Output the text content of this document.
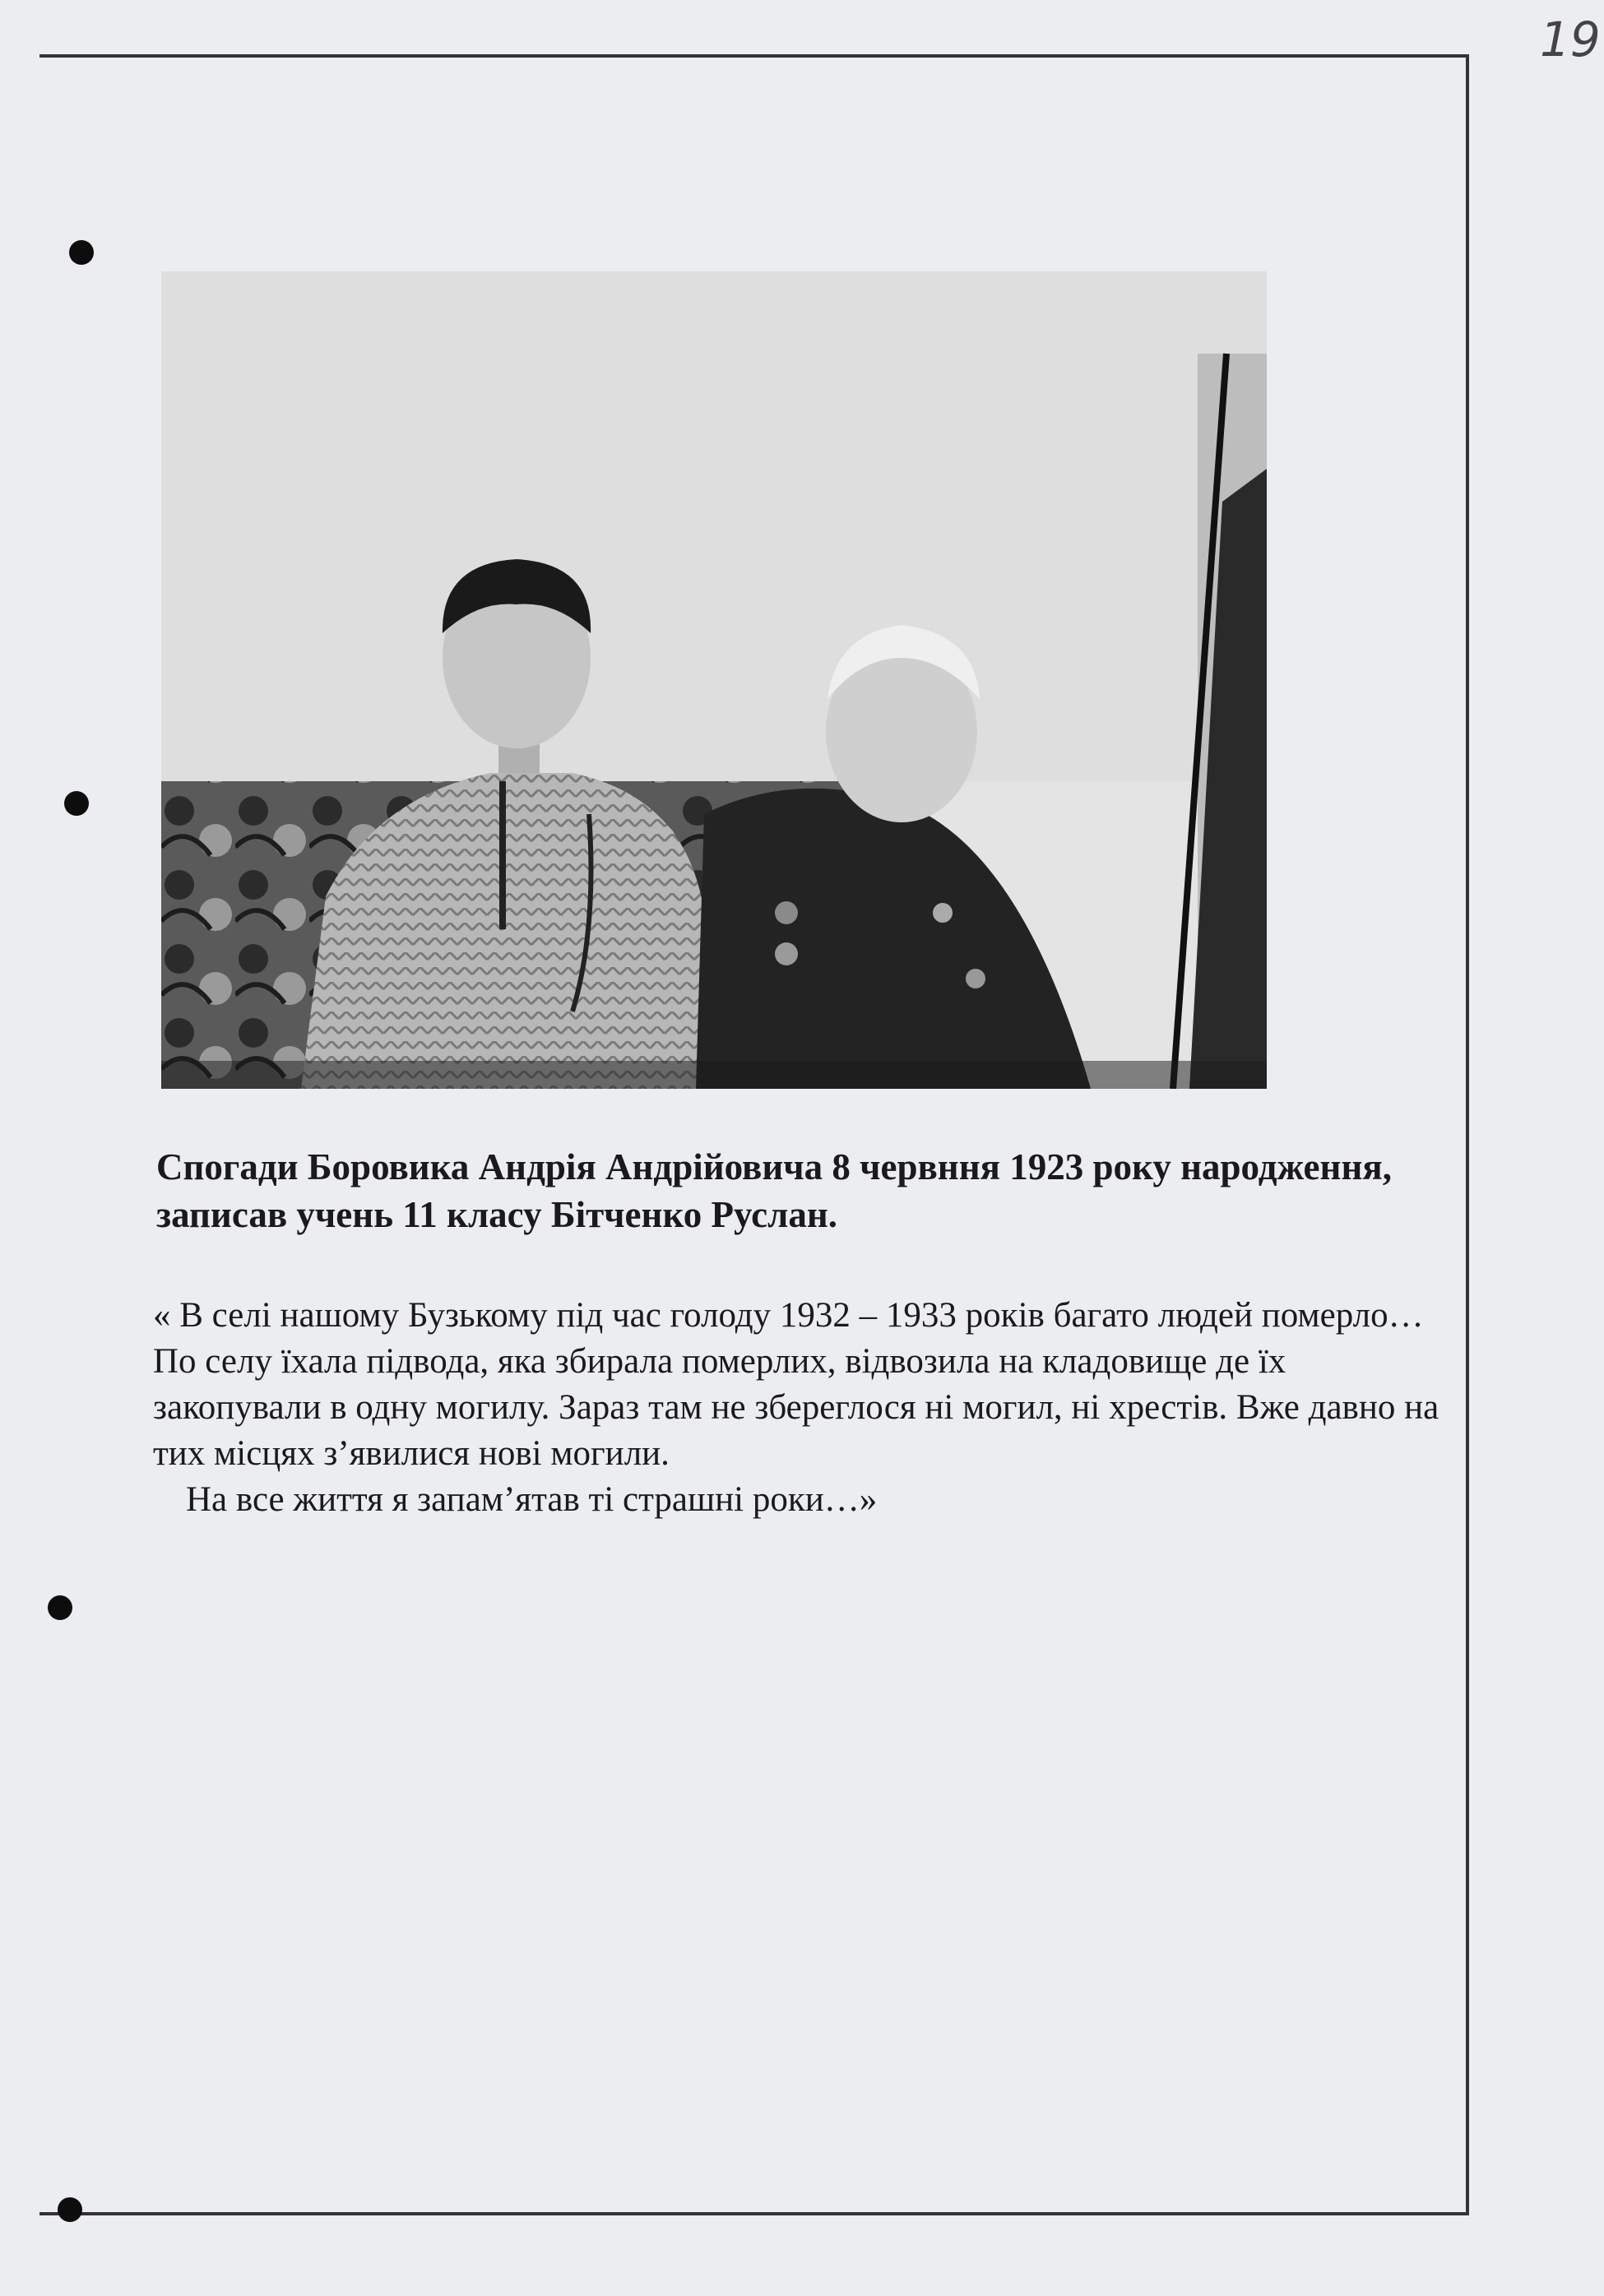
19

Спогади Боровика Андрія Андрійовича 8 червння 1923 року народження, записав учень 11 класу Бітченко Руслан.

« В селі нашому Бузькому під час голоду 1932 – 1933 років багато людей померло…

По селу їхала підвода, яка збирала померлих, відвозила на кладовище де їх закопували в одну могилу. Зараз там не збереглося ні могил, ні хрестів. Вже давно на тих місцях з’явилися нові могили.

На все життя я запам’ятав ті страшні роки…»
